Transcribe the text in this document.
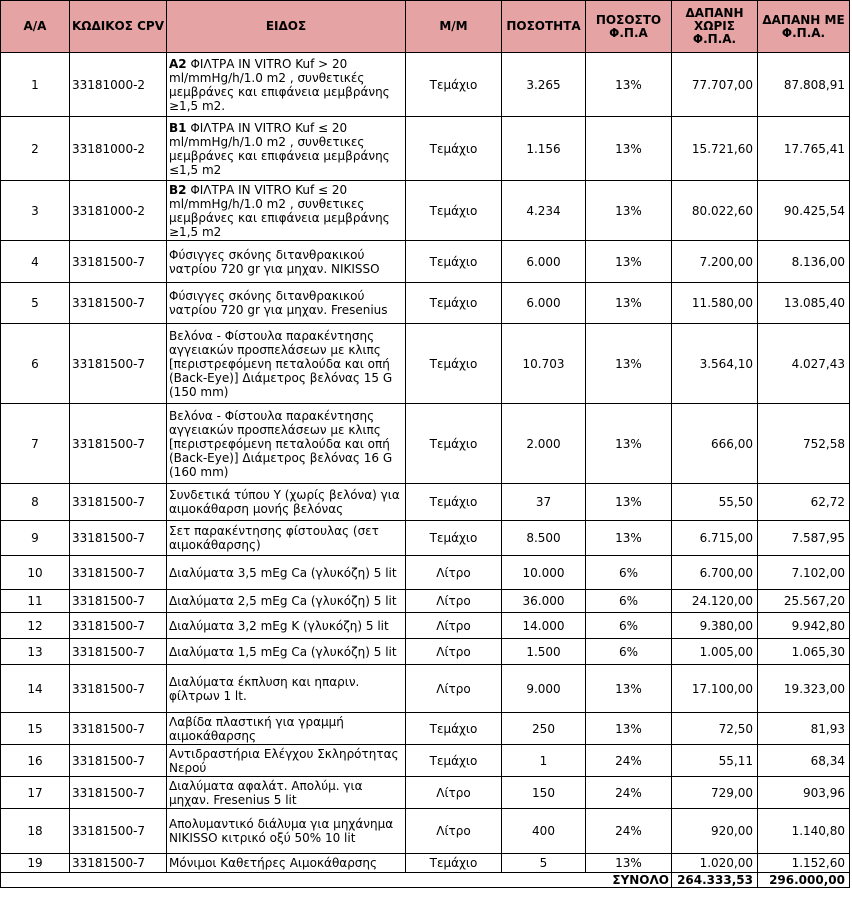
Α/Α	ΚΩΔΙΚΟΣ CPV	ΕΙΔΟΣ	Μ/Μ	ΠΟΣΟΤΗΤΑ	ΠΟΣΟΣΤΟ Φ.Π.Α	ΔΑΠΑΝΗ ΧΩΡΙΣ Φ.Π.Α.	ΔΑΠΑΝΗ ΜΕ Φ.Π.Α.
1	33181000-2	Α2 ΦΙΛΤΡΑ IN VITRO Kuf > 20 ml/mmHg/h/1.0 m2 , συνθετικές μεμβράνες και επιφάνεια μεμβράνης ≥1,5 m2.	Τεμάχιο	3.265	13%	77.707,00	87.808,91
2	33181000-2	Β1 ΦΙΛΤΡΑ IN VITRO Kuf ≤ 20 ml/mmHg/h/1.0 m2 , συνθετικες μεμβράνες και επιφάνεια μεμβράνης ≤1,5 m2	Τεμάχιο	1.156	13%	15.721,60	17.765,41
3	33181000-2	Β2 ΦΙΛΤΡΑ IN VITRO Kuf ≤ 20 ml/mmHg/h/1.0 m2 , συνθετικες μεμβράνες και επιφάνεια μεμβράνης ≥1,5 m2	Τεμάχιο	4.234	13%	80.022,60	90.425,54
4	33181500-7	Φύσιγγες σκόνης διτανθρακικού νατρίου 720 gr για μηχαν. NIKISSO	Τεμάχιο	6.000	13%	7.200,00	8.136,00
5	33181500-7	Φύσιγγες σκόνης διτανθρακικού νατρίου 720 gr για μηχαν. Fresenius	Τεμάχιο	6.000	13%	11.580,00	13.085,40
6	33181500-7	Βελόνα - Φίστουλα παρακέντησης αγγειακών προσπελάσεων με κλιπς [περιστρεφόμενη πεταλούδα και οπή (Back-Eye)] Διάμετρος βελόνας 15 G (150 mm)	Τεμάχιο	10.703	13%	3.564,10	4.027,43
7	33181500-7	Βελόνα - Φίστουλα παρακέντησης αγγειακών προσπελάσεων με κλιπς [περιστρεφόμενη πεταλούδα και οπή (Back-Eye)] Διάμετρος βελόνας 16 G (160 mm)	Τεμάχιο	2.000	13%	666,00	752,58
8	33181500-7	Συνδετικά τύπου Υ (χωρίς βελόνα) για αιμοκάθαρση μονής βελόνας	Τεμάχιο	37	13%	55,50	62,72
9	33181500-7	Σετ παρακέντησης φίστουλας (σετ αιμοκάθαρσης)	Τεμάχιο	8.500	13%	6.715,00	7.587,95
10	33181500-7	Διαλύματα 3,5 mEg Ca (γλυκόζη) 5 lit	Λίτρο	10.000	6%	6.700,00	7.102,00
11	33181500-7	Διαλύματα 2,5 mEg Ca (γλυκόζη) 5 lit	Λίτρο	36.000	6%	24.120,00	25.567,20
12	33181500-7	Διαλύματα 3,2 mEg K (γλυκόζη) 5 lit	Λίτρο	14.000	6%	9.380,00	9.942,80
13	33181500-7	Διαλύματα 1,5 mEg Ca (γλυκόζη) 5 lit	Λίτρο	1.500	6%	1.005,00	1.065,30
14	33181500-7	Διαλύματα έκπλυση και ηπαριν. φίλτρων 1 lt.	Λίτρο	9.000	13%	17.100,00	19.323,00
15	33181500-7	Λαβίδα πλαστική για γραμμή αιμοκάθαρσης	Τεμάχιο	250	13%	72,50	81,93
16	33181500-7	Αντιδραστήρια Ελέγχου Σκληρότητας Νερού	Τεμάχιο	1	24%	55,11	68,34
17	33181500-7	Διαλύματα αφαλάτ. Απολύμ. για μηχαν. Fresenius 5 lit	Λίτρο	150	24%	729,00	903,96
18	33181500-7	Απολυμαντικό διάλυμα για μηχάνημα NIKISSO κιτρικό οξύ 50% 10 lit	Λίτρο	400	24%	920,00	1.140,80
19	33181500-7	Μόνιμοι Καθετήρες Αιμοκάθαρσης	Τεμάχιο	5	13%	1.020,00	1.152,60

ΣΥΝΟΛΟ						264.333,53	296.000,00
